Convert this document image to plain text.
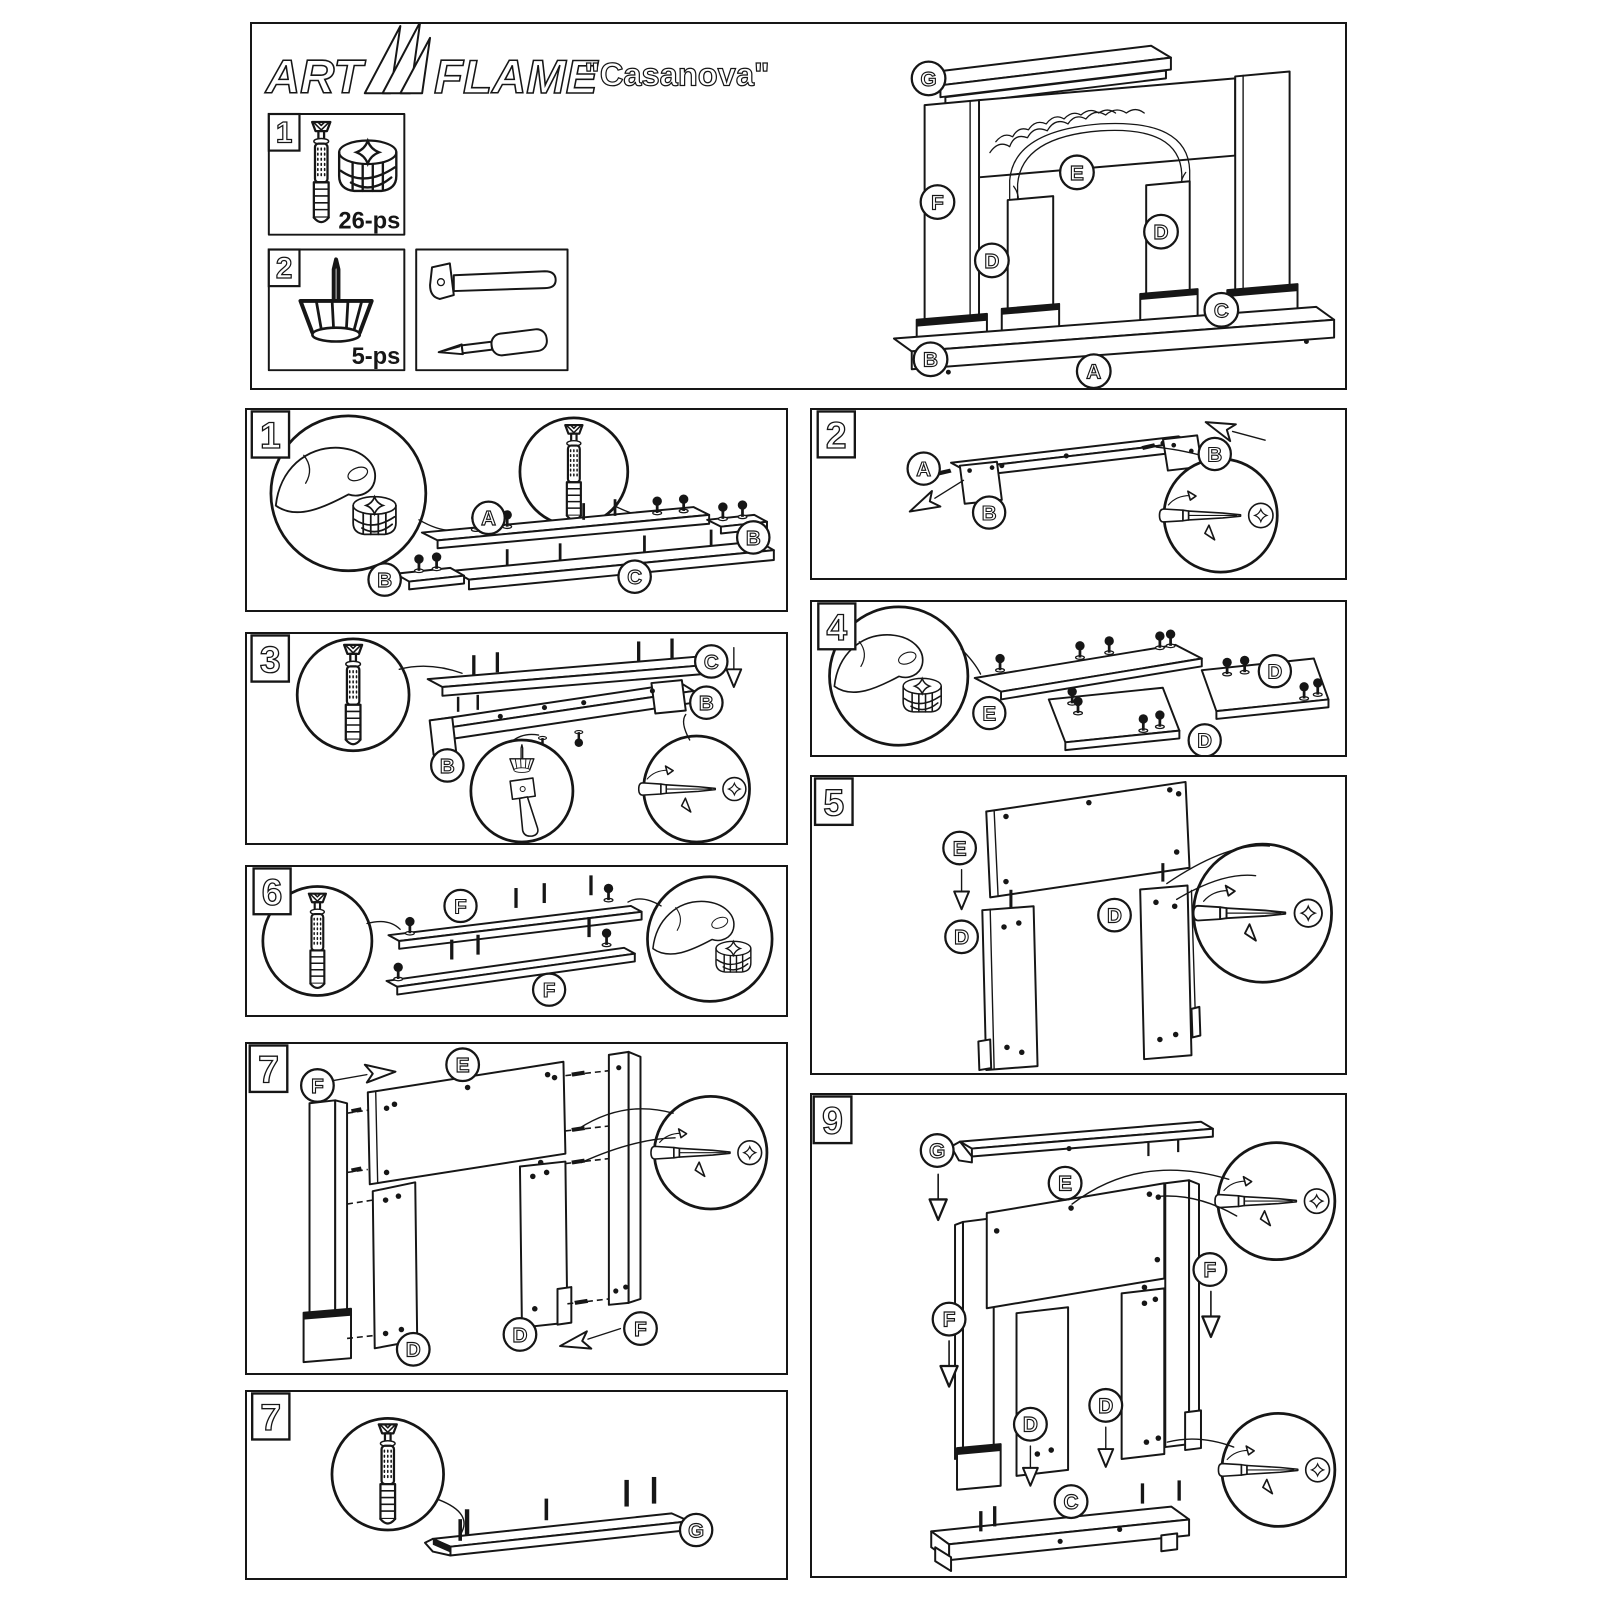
ART FLAME
"Casanova"
1
26-ps
2
5-ps
G
F
E
D
D
C
B
A
A
C
B
B
1
A
B
B
2
C
B
B
3
E
D
D
4
E
D
D
5
F
F
6
F
E
D
D	F
7
G
E
F
F
D
D
C
9
G
7
